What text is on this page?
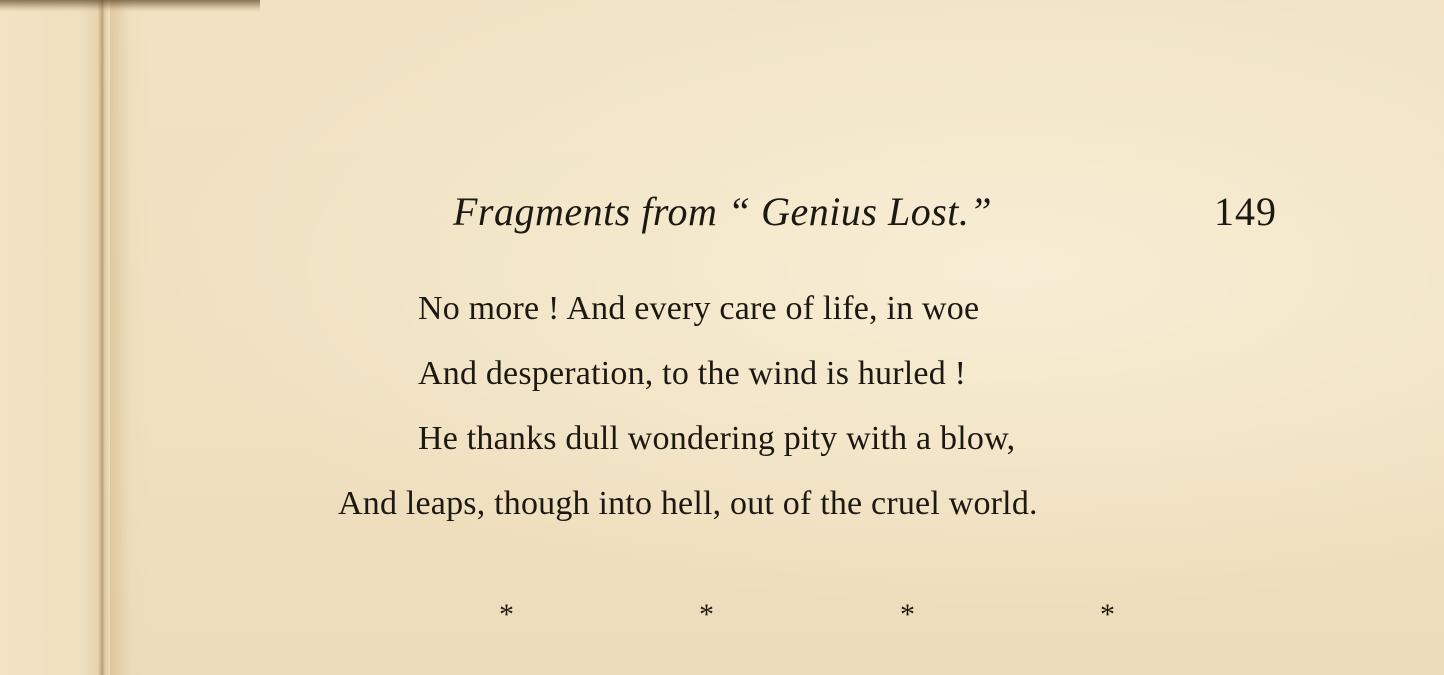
Fragments from “ Genius Lost.”	149
No more ! And every care of life, in woe
And desperation, to the wind is hurled !
He thanks dull wondering pity with a blow,
And leaps, though into hell, out of the cruel world.
*	*	*	*
